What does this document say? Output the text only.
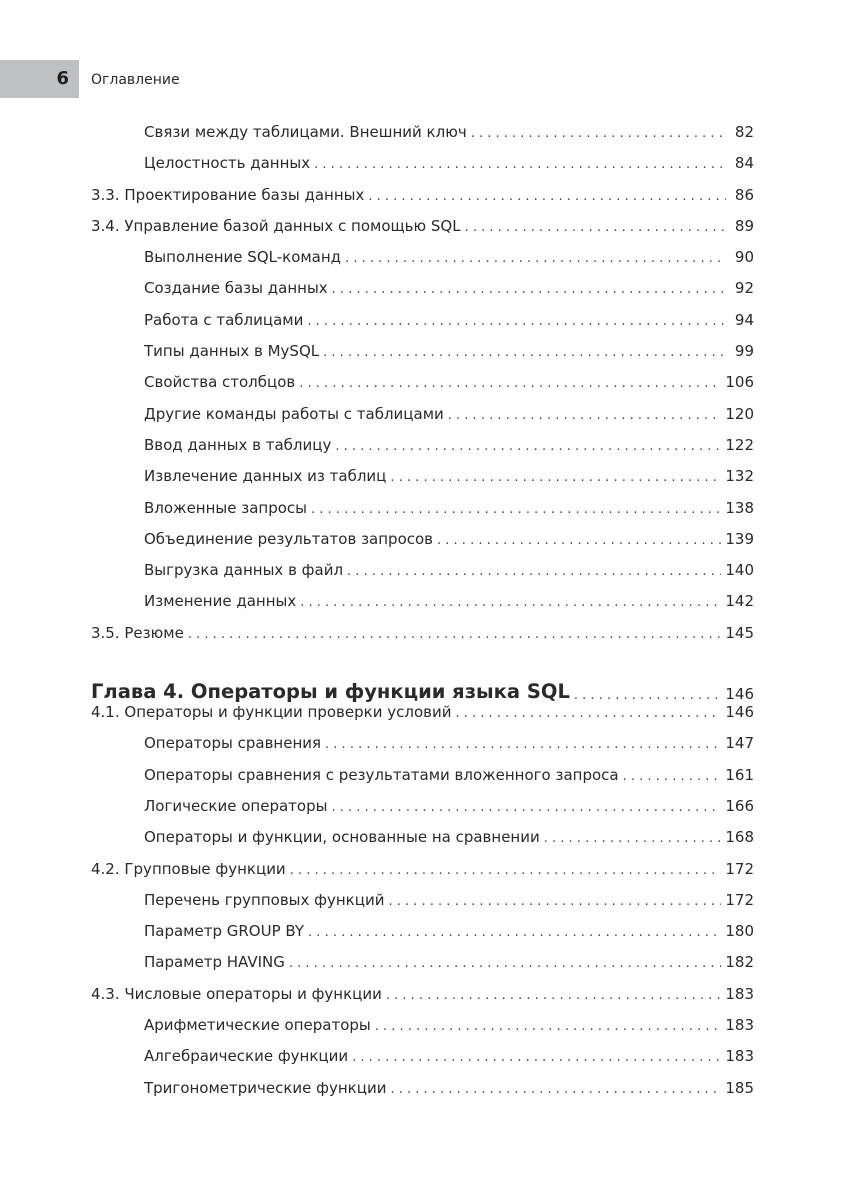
6 Оглавление
Связи между таблицами. Внешний ключ . . .	82
Целостность данных . . .	84
3.3. Проектирование базы данных . . .	86
3.4. Управление базой данных с помощью SQL . . .	89
Выполнение SQL-команд . . .	90
Создание базы данных . . .	92
Работа с таблицами . . .	94
Типы данных в MySQL . . .	99
Свойства столбцов . . .	106
Другие команды работы с таблицами . . .	120
Ввод данных в таблицу . . .	122
Извлечение данных из таблиц . . .	132
Вложенные запросы . . .	138
Объединение результатов запросов . . .	139
Выгрузка данных в файл . . .	140
Изменение данных . . .	142
3.5. Резюме . . .	145
Глава 4. Операторы и функции языка SQL . . .	146
4.1. Операторы и функции проверки условий . . .	146
Операторы сравнения . . .	147
Операторы сравнения с результатами вложенного запроса . . .	161
Логические операторы . . .	166
Операторы и функции, основанные на сравнении . . .	168
4.2. Групповые функции . . .	172
Перечень групповых функций . . .	172
Параметр GROUP BY . . .	180
Параметр HAVING . . .	182
4.3. Числовые операторы и функции . . .	183
Арифметические операторы . . .	183
Алгебраические функции . . .	183
Тригонометрические функции . . .	185
